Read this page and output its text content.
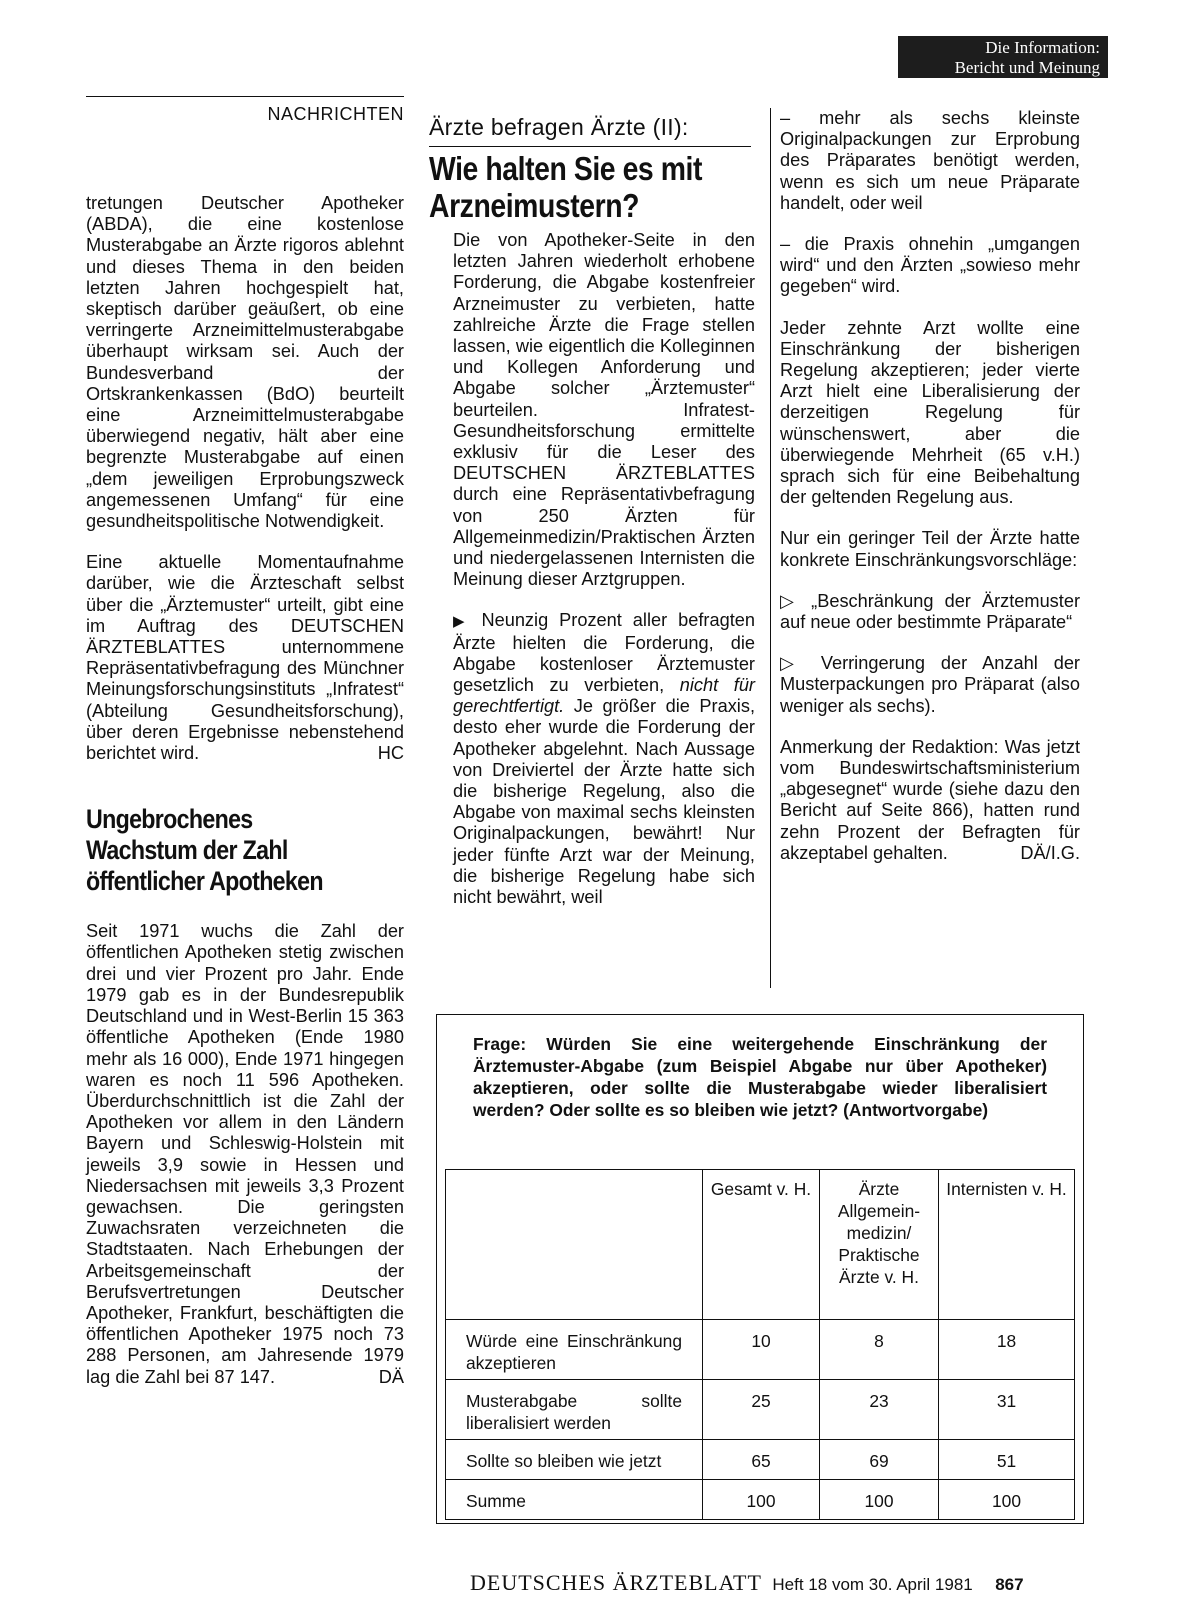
Die Information:
Bericht und Meinung
NACHRICHTEN

tretungen Deutscher Apotheker (ABDA), die eine kostenlose Musterabgabe an Ärzte rigoros ablehnt und dieses Thema in den beiden letzten Jahren hochgespielt hat, skeptisch darüber geäußert, ob eine verringerte Arzneimittelmusterabgabe überhaupt wirksam sei. Auch der Bundesverband der Ortskrankenkassen (BdO) beurteilt eine Arzneimittelmusterabgabe überwiegend negativ, hält aber eine begrenzte Musterabgabe auf einen „dem jeweiligen Erprobungszweck angemessenen Umfang“ für eine gesundheitspolitische Notwendigkeit.

Eine aktuelle Momentaufnahme darüber, wie die Ärzteschaft selbst über die „Ärztemuster“ urteilt, gibt eine im Auftrag des DEUTSCHEN ÄRZTEBLATTES unternommene Repräsentativbefragung des Münchner Meinungsforschungsinstituts „Infratest“ (Abteilung Gesundheitsforschung), über deren Ergebnisse nebenstehend berichtet wird.	HC

Ungebrochenes Wachstum der Zahl öffentlicher Apotheken

Seit 1971 wuchs die Zahl der öffentlichen Apotheken stetig zwischen drei und vier Prozent pro Jahr. Ende 1979 gab es in der Bundesrepublik Deutschland und in West-Berlin 15 363 öffentliche Apotheken (Ende 1980 mehr als 16 000), Ende 1971 hingegen waren es noch 11 596 Apotheken. Überdurchschnittlich ist die Zahl der Apotheken vor allem in den Ländern Bayern und Schleswig-Holstein mit jeweils 3,9 sowie in Hessen und Niedersachsen mit jeweils 3,3 Prozent gewachsen. Die geringsten Zuwachsraten verzeichneten die Stadtstaaten. Nach Erhebungen der Arbeitsgemeinschaft der Berufsvertretungen Deutscher Apotheker, Frankfurt, beschäftigten die öffentlichen Apotheker 1975 noch 73 288 Personen, am Jahresende 1979 lag die Zahl bei 87 147.	DÄ

Ärzte befragen Ärzte (II):
Wie halten Sie es mit Arzneimustern?

Die von Apotheker-Seite in den letzten Jahren wiederholt erhobene Forderung, die Abgabe kostenfreier Arzneimuster zu verbieten, hatte zahlreiche Ärzte die Frage stellen lassen, wie eigentlich die Kolleginnen und Kollegen Anforderung und Abgabe solcher „Ärztemuster“ beurteilen. Infratest-Gesundheitsforschung ermittelte exklusiv für die Leser des DEUTSCHEN ÄRZTEBLATTES durch eine Repräsentativbefragung von 250 Ärzten für Allgemeinmedizin/Praktischen Ärzten und niedergelassenen Internisten die Meinung dieser Arztgruppen.

▶ Neunzig Prozent aller befragten Ärzte hielten die Forderung, die Abgabe kostenloser Ärztemuster gesetzlich zu verbieten, nicht für gerechtfertigt. Je größer die Praxis, desto eher wurde die Forderung der Apotheker abgelehnt. Nach Aussage von Dreiviertel der Ärzte hatte sich die bisherige Regelung, also die Abgabe von maximal sechs kleinsten Originalpackungen, bewährt! Nur jeder fünfte Arzt war der Meinung, die bisherige Regelung habe sich nicht bewährt, weil

– mehr als sechs kleinste Originalpackungen zur Erprobung des Präparates benötigt werden, wenn es sich um neue Präparate handelt, oder weil

– die Praxis ohnehin „umgangen wird“ und den Ärzten „sowieso mehr gegeben“ wird.

Jeder zehnte Arzt wollte eine Einschränkung der bisherigen Regelung akzeptieren; jeder vierte Arzt hielt eine Liberalisierung der derzeitigen Regelung für wünschenswert, aber die überwiegende Mehrheit (65 v.H.) sprach sich für eine Beibehaltung der geltenden Regelung aus.

Nur ein geringer Teil der Ärzte hatte konkrete Einschränkungsvorschläge:

▷ „Beschränkung der Ärztemuster auf neue oder bestimmte Präparate“

▷ Verringerung der Anzahl der Musterpackungen pro Präparat (also weniger als sechs).

Anmerkung der Redaktion: Was jetzt vom Bundeswirtschaftsministerium „abgesegnet“ wurde (siehe dazu den Bericht auf Seite 866), hatten rund zehn Prozent der Befragten für akzeptabel gehalten.	DÄ/I.G.

Frage: Würden Sie eine weitergehende Einschränkung der Ärztemuster-Abgabe (zum Beispiel Abgabe nur über Apotheker) akzeptieren, oder sollte die Musterabgabe wieder liberalisiert werden? Oder sollte es so bleiben wie jetzt? (Antwortvorgabe)
	Gesamt v. H.	Ärzte Allgemein-medizin/ Praktische Ärzte v. H.	Internisten v. H.
Würde eine Einschränkung akzeptieren	10	8	18
Musterabgabe sollte liberalisiert werden	25	23	31
Sollte so bleiben wie jetzt	65	69	51
Summe	100	100	100
DEUTSCHES ÄRZTEBLATT Heft 18 vom 30. April 1981 867
